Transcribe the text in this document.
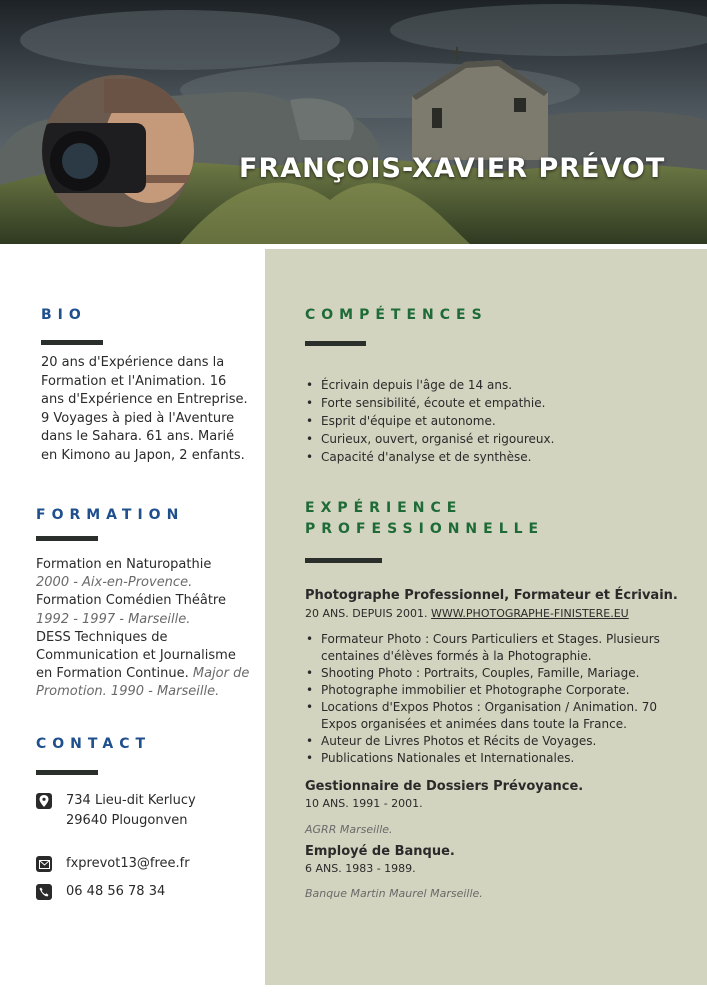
FRANÇOIS-XAVIER PRÉVOT
BIO
20 ans d'Expérience dans la Formation et l'Animation. 16 ans d'Expérience en Entreprise. 9 Voyages à pied à l'Aventure dans le Sahara. 61 ans. Marié en Kimono au Japon, 2 enfants.
FORMATION
Formation en Naturopathie
2000 - Aix-en-Provence.
Formation Comédien Théâtre
1992 - 1997 - Marseille.
DESS Techniques de Communication et Journalisme en Formation Continue. Major de Promotion. 1990 - Marseille.
CONTACT
734 Lieu-dit Kerlucy
29640 Plougonven
fxprevot13@free.fr
06 48 56 78 34
COMPÉTENCES
• Écrivain depuis l'âge de 14 ans.
• Forte sensibilité, écoute et empathie.
• Esprit d'équipe et autonome.
• Curieux, ouvert, organisé et rigoureux.
• Capacité d'analyse et de synthèse.
EXPÉRIENCE
PROFESSIONNELLE
Photographe Professionnel, Formateur et Écrivain.
20 ANS. DEPUIS 2001. WWW.PHOTOGRAPHE-FINISTERE.EU
• Formateur Photo : Cours Particuliers et Stages. Plusieurs centaines d'élèves formés à la Photographie.
• Shooting Photo : Portraits, Couples, Famille, Mariage.
• Photographe immobilier et Photographe Corporate.
• Locations d'Expos Photos : Organisation / Animation. 70 Expos organisées et animées dans toute la France.
• Auteur de Livres Photos et Récits de Voyages.
• Publications Nationales et Internationales.
Gestionnaire de Dossiers Prévoyance.
10 ANS. 1991 - 2001.
AGRR Marseille.
Employé de Banque.
6 ANS. 1983 - 1989.
Banque Martin Maurel Marseille.
